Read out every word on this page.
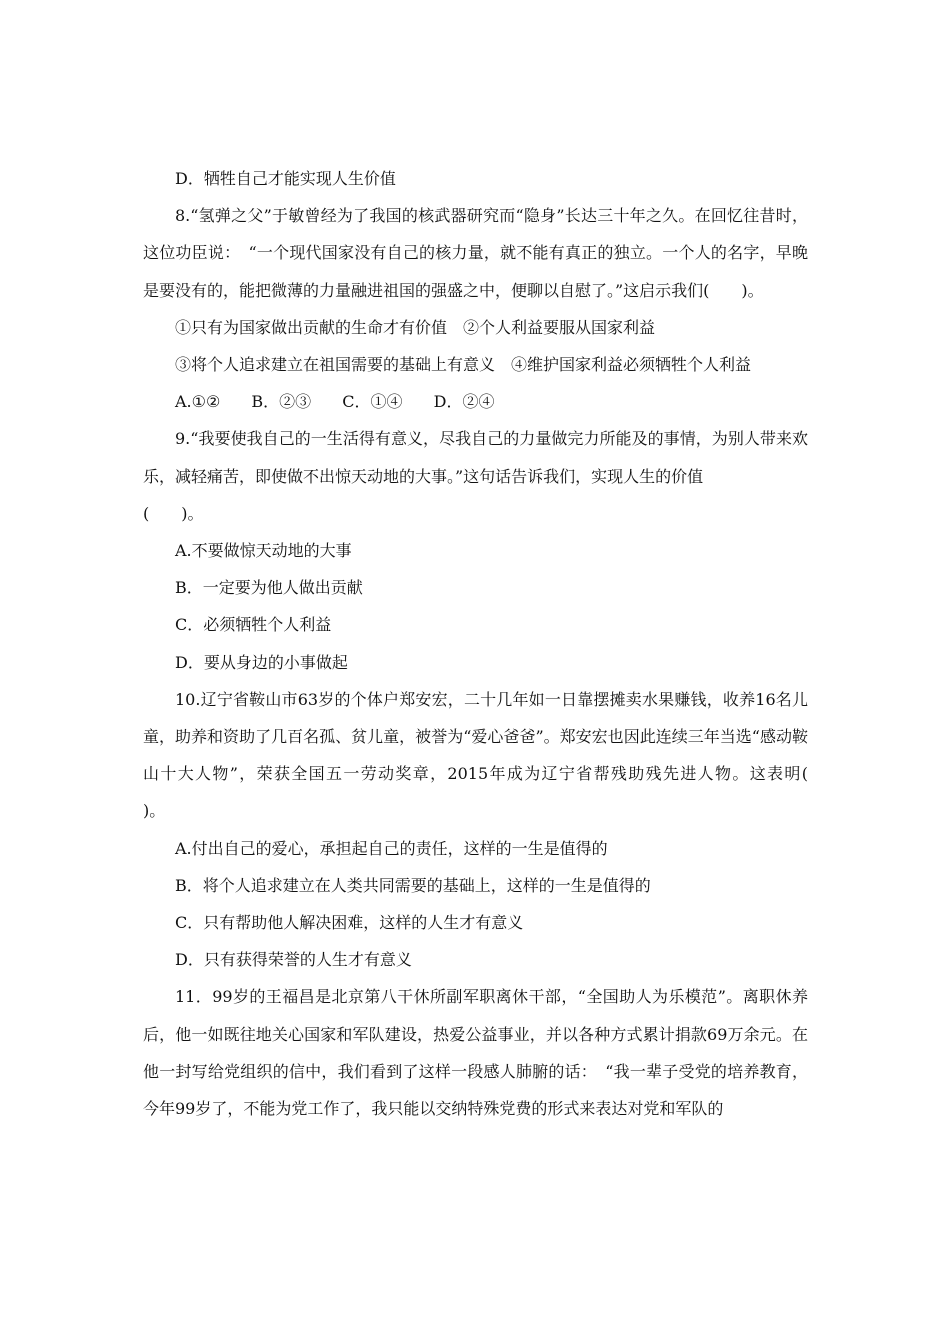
D．牺牲自己才能实现人生价值

8.“氢弹之父”于敏曾经为了我国的核武器研究而“隐身”长达三十年之久。在回忆往昔时，这位功臣说：　“一个现代国家没有自己的核力量，就不能有真正的独立。一个人的名字，早晚是要没有的，能把微薄的力量融进祖国的强盛之中，便聊以自慰了。”这启示我们(　　)。

①只有为国家做出贡献的生命才有价值　②个人利益要服从国家利益

③将个人追求建立在祖国需要的基础上有意义　④维护国家利益必须牺牲个人利益

A.①② B．②③ C．①④ D．②④

9.“我要使我自己的一生活得有意义，尽我自己的力量做完力所能及的事情，为别人带来欢乐，减轻痛苦，即使做不出惊天动地的大事。”这句话告诉我们，实现人生的价值

(　　)。

A.不要做惊天动地的大事

B．一定要为他人做出贡献

C．必须牺牲个人利益

D．要从身边的小事做起

10.辽宁省鞍山市63岁的个体户郑安宏，二十几年如一日靠摆摊卖水果赚钱，收养16名儿童，助养和资助了几百名孤、贫儿童，被誉为“爱心爸爸”。郑安宏也因此连续三年当选“感动鞍山十大人物”，荣获全国五一劳动奖章，2015年成为辽宁省帮残助残先进人物。这表明(　　)。

A.付出自己的爱心，承担起自己的责任，这样的一生是值得的

B．将个人追求建立在人类共同需要的基础上，这样的一生是值得的

C．只有帮助他人解决困难，这样的人生才有意义

D．只有获得荣誉的人生才有意义

11．99岁的王福昌是北京第八干休所副军职离休干部，“全国助人为乐模范”。离职休养后，他一如既往地关心国家和军队建设，热爱公益事业，并以各种方式累计捐款69万余元。在他一封写给党组织的信中，我们看到了这样一段感人肺腑的话：　“我一辈子受党的培养教育，今年99岁了，不能为党工作了，我只能以交纳特殊党费的形式来表达对党和军队的
